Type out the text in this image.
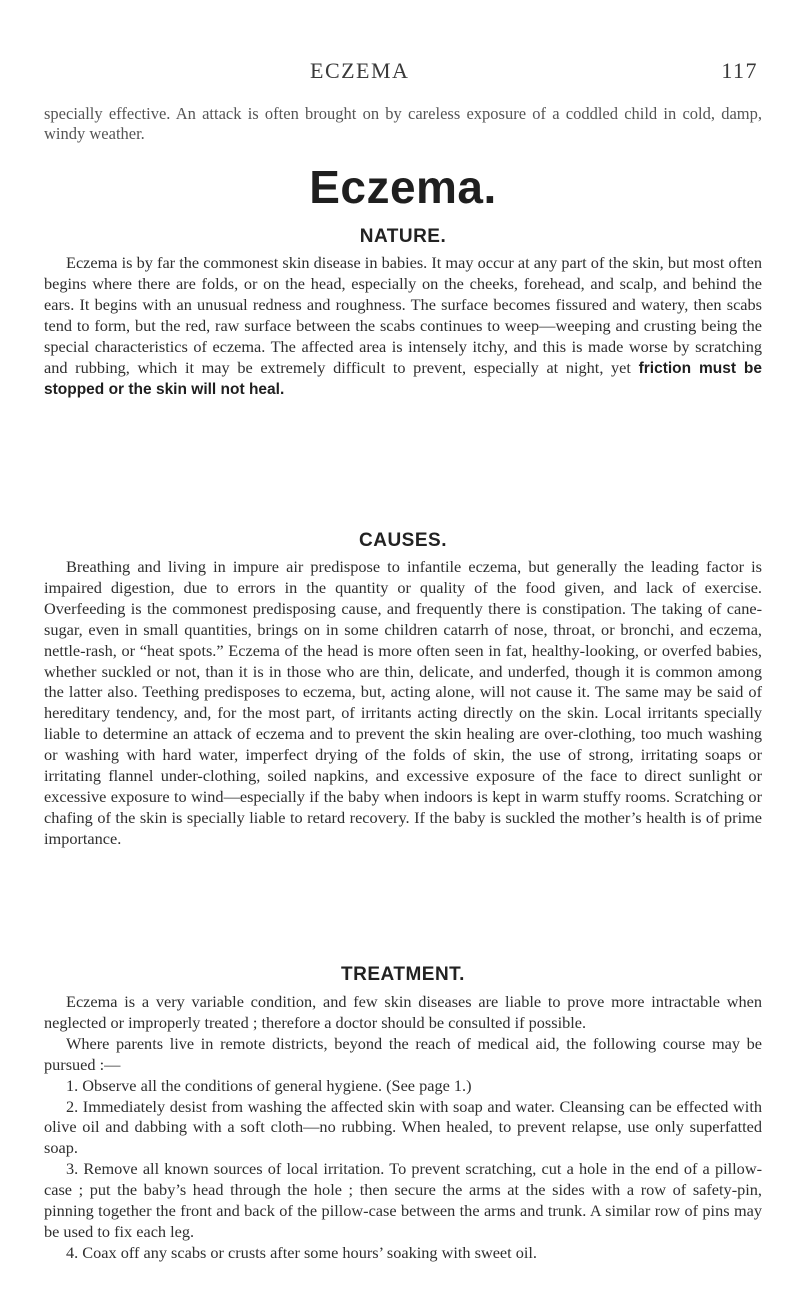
ECZEMA	117
specially effective. An attack is often brought on by careless exposure of a coddled child in cold, damp, windy weather.
Eczema.
NATURE.
Eczema is by far the commonest skin disease in babies. It may occur at any part of the skin, but most often begins where there are folds, or on the head, especially on the cheeks, forehead, and scalp, and behind the ears. It begins with an unusual redness and roughness. The surface becomes fissured and watery, then scabs tend to form, but the red, raw surface between the scabs continues to weep—weeping and crusting being the special characteristics of eczema. The affected area is intensely itchy, and this is made worse by scratching and rubbing, which it may be extremely difficult to prevent, especially at night, yet friction must be stopped or the skin will not heal.
CAUSES.
Breathing and living in impure air predispose to infantile eczema, but generally the leading factor is impaired digestion, due to errors in the quantity or quality of the food given, and lack of exercise. Overfeeding is the commonest predisposing cause, and frequently there is constipation. The taking of cane-sugar, even in small quantities, brings on in some children catarrh of nose, throat, or bronchi, and eczema, nettle-rash, or “heat spots.” Eczema of the head is more often seen in fat, healthy-looking, or overfed babies, whether suckled or not, than it is in those who are thin, delicate, and underfed, though it is common among the latter also. Teething predisposes to eczema, but, acting alone, will not cause it. The same may be said of hereditary tendency, and, for the most part, of irritants acting directly on the skin. Local irritants specially liable to determine an attack of eczema and to prevent the skin healing are over-clothing, too much washing or washing with hard water, imperfect drying of the folds of skin, the use of strong, irritating soaps or irritating flannel under-clothing, soiled napkins, and excessive exposure of the face to direct sunlight or excessive exposure to wind—especially if the baby when indoors is kept in warm stuffy rooms. Scratching or chafing of the skin is specially liable to retard recovery. If the baby is suckled the mother’s health is of prime importance.
TREATMENT.

Eczema is a very variable condition, and few skin diseases are liable to prove more intractable when neglected or improperly treated ; therefore a doctor should be consulted if possible.

Where parents live in remote districts, beyond the reach of medical aid, the following course may be pursued :—

1. Observe all the conditions of general hygiene. (See page 1.)

2. Immediately desist from washing the affected skin with soap and water. Cleansing can be effected with olive oil and dabbing with a soft cloth—no rubbing. When healed, to prevent relapse, use only superfatted soap.

3. Remove all known sources of local irritation. To prevent scratching, cut a hole in the end of a pillow-case ; put the baby’s head through the hole ; then secure the arms at the sides with a row of safety-pin, pinning together the front and back of the pillow-case between the arms and trunk. A similar row of pins may be used to fix each leg.

4. Coax off any scabs or crusts after some hours’ soaking with sweet oil.
